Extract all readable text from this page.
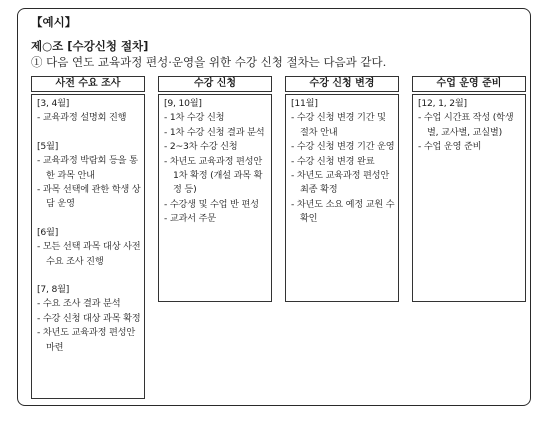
【예시】
제○조 [수강신청 절차]
① 다음 연도 교육과정 편성·운영을 위한 수강 신청 절차는 다음과 같다.
사전 수요 조사
[3, 4월]
- 교육과정 설명회 진행
[5월]
- 교육과정 박람회 등을 통한 과목 안내
- 과목 선택에 관한 학생 상담 운영
[6월]
- 모든 선택 과목 대상 사전 수요 조사 진행
[7, 8월]
- 수요 조사 결과 분석
- 수강 신청 대상 과목 확정
- 차년도 교육과정 편성안 마련
수강 신청
[9, 10월]
- 1차 수강 신청
- 1차 수강 신청 결과 분석
- 2~3차 수강 신청
- 차년도 교육과정 편성안 1차 확정 (개설 과목 확정 등)
- 수강생 및 수업 반 편성
- 교과서 주문
수강 신청 변경
[11월]
- 수강 신청 변경 기간 및 절차 안내
- 수강 신청 변경 기간 운영
- 수강 신청 변경 완료
- 차년도 교육과정 편성안 최종 확정
- 차년도 소요 예정 교원 수 확인
수업 운영 준비
[12, 1, 2월]
- 수업 시간표 작성 (학생별, 교사별, 교실별)
- 수업 운영 준비
